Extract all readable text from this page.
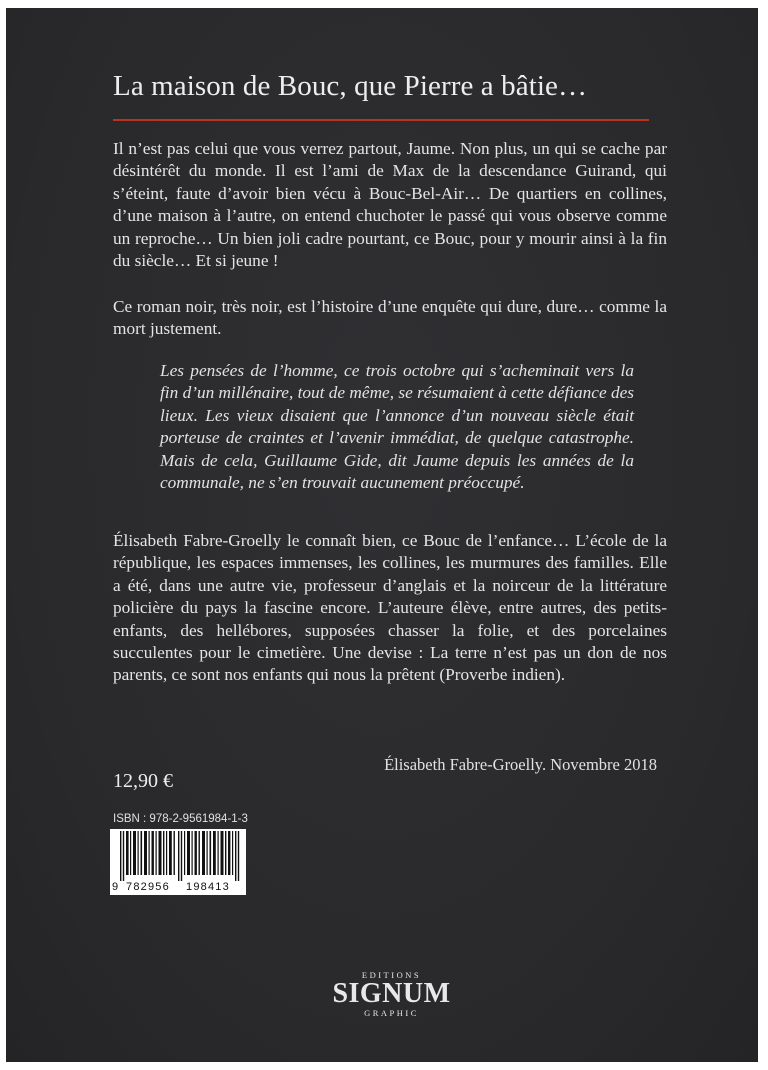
La maison de Bouc, que Pierre a bâtie…

Il n’est pas celui que vous verrez partout, Jaume. Non plus, un qui se cache par désintérêt du monde. Il est l’ami de Max de la descendance Guirand, qui s’éteint, faute d’avoir bien vécu à Bouc-Bel-Air… De quartiers en collines, d’une maison à l’autre, on entend chuchoter le passé qui vous observe comme un reproche… Un bien joli cadre pourtant, ce Bouc, pour y mourir ainsi à la fin du siècle… Et si jeune !

Ce roman noir, très noir, est l’histoire d’une enquête qui dure, dure… comme la mort justement.

Les pensées de l’homme, ce trois octobre qui s’acheminait vers la fin d’un millénaire, tout de même, se résumaient à cette défiance des lieux. Les vieux disaient que l’annonce d’un nouveau siècle était porteuse de craintes et l’avenir immédiat, de quelque catastrophe. Mais de cela, Guillaume Gide, dit Jaume depuis les années de la communale, ne s’en trouvait aucunement préoccupé.

Élisabeth Fabre-Groelly le connaît bien, ce Bouc de l’enfance… L’école de la république, les espaces immenses, les collines, les murmures des familles. Elle a été, dans une autre vie, professeur d’anglais et la noirceur de la littérature policière du pays la fascine encore. L’auteure élève, entre autres, des petits-enfants, des hellébores, supposées chasser la folie, et des porcelaines succulentes pour le cimetière. Une devise : La terre n’est pas un don de nos parents, ce sont nos enfants qui nous la prêtent (Proverbe indien).

Élisabeth Fabre-Groelly. Novembre 2018

12,90 €

ISBN : 978-2-9561984-1-3

9 782956 198413
EDITIONS
SIGNUM
GRAPHIC
